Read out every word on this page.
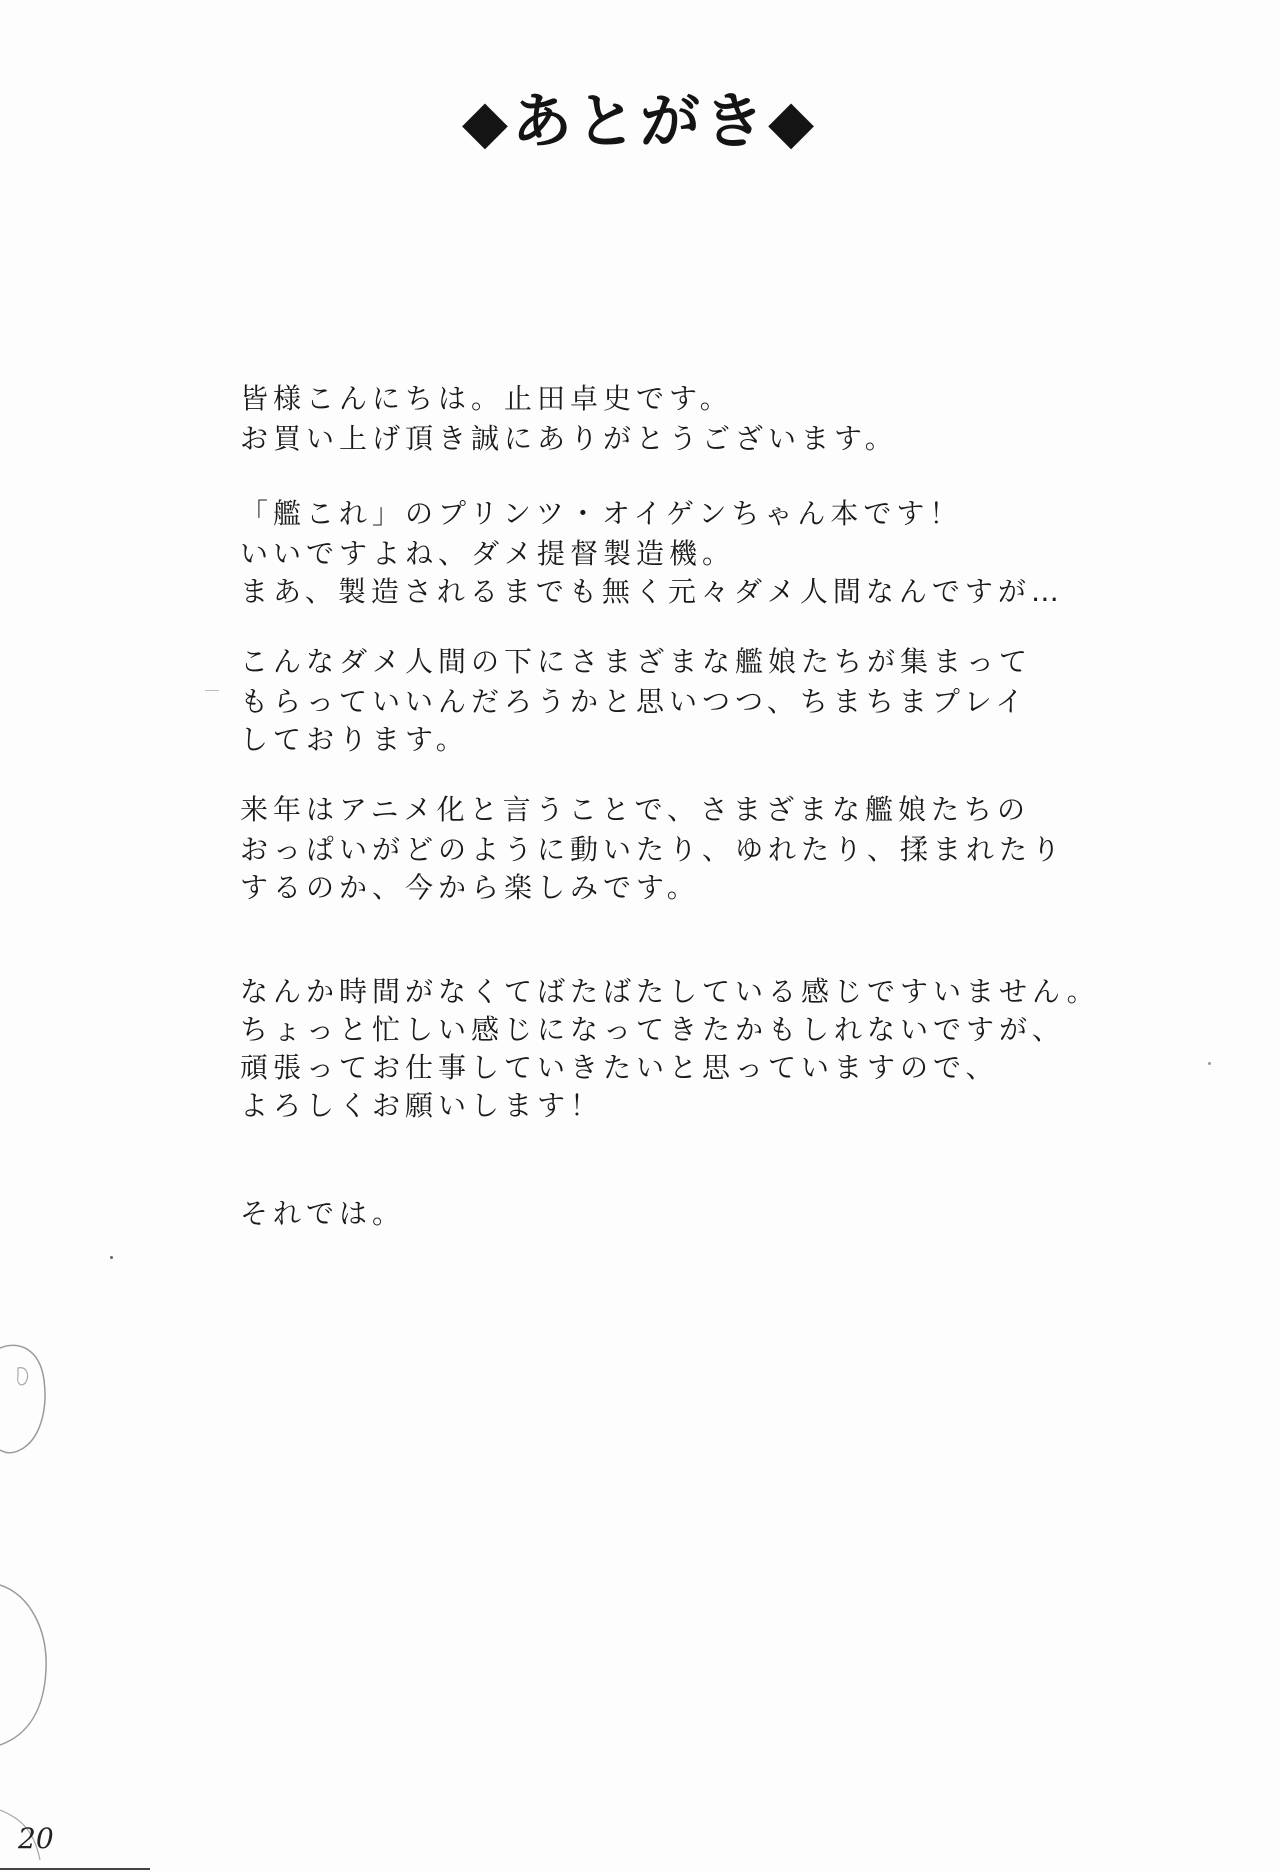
◆あとがき◆
皆様こんにちは。止田卓史です。
お買い上げ頂き誠にありがとうございます。
「艦これ」のプリンツ・オイゲンちゃん本です！
いいですよね、ダメ提督製造機。
まあ、製造されるまでも無く元々ダメ人間なんですが…
こんなダメ人間の下にさまざまな艦娘たちが集まって
もらっていいんだろうかと思いつつ、ちまちまプレイ
しております。
来年はアニメ化と言うことで、さまざまな艦娘たちの
おっぱいがどのように動いたり、ゆれたり、揉まれたり
するのか、今から楽しみです。
なんか時間がなくてばたばたしている感じですいません。
ちょっと忙しい感じになってきたかもしれないですが、
頑張ってお仕事していきたいと思っていますので、
よろしくお願いします！
それでは。
20
